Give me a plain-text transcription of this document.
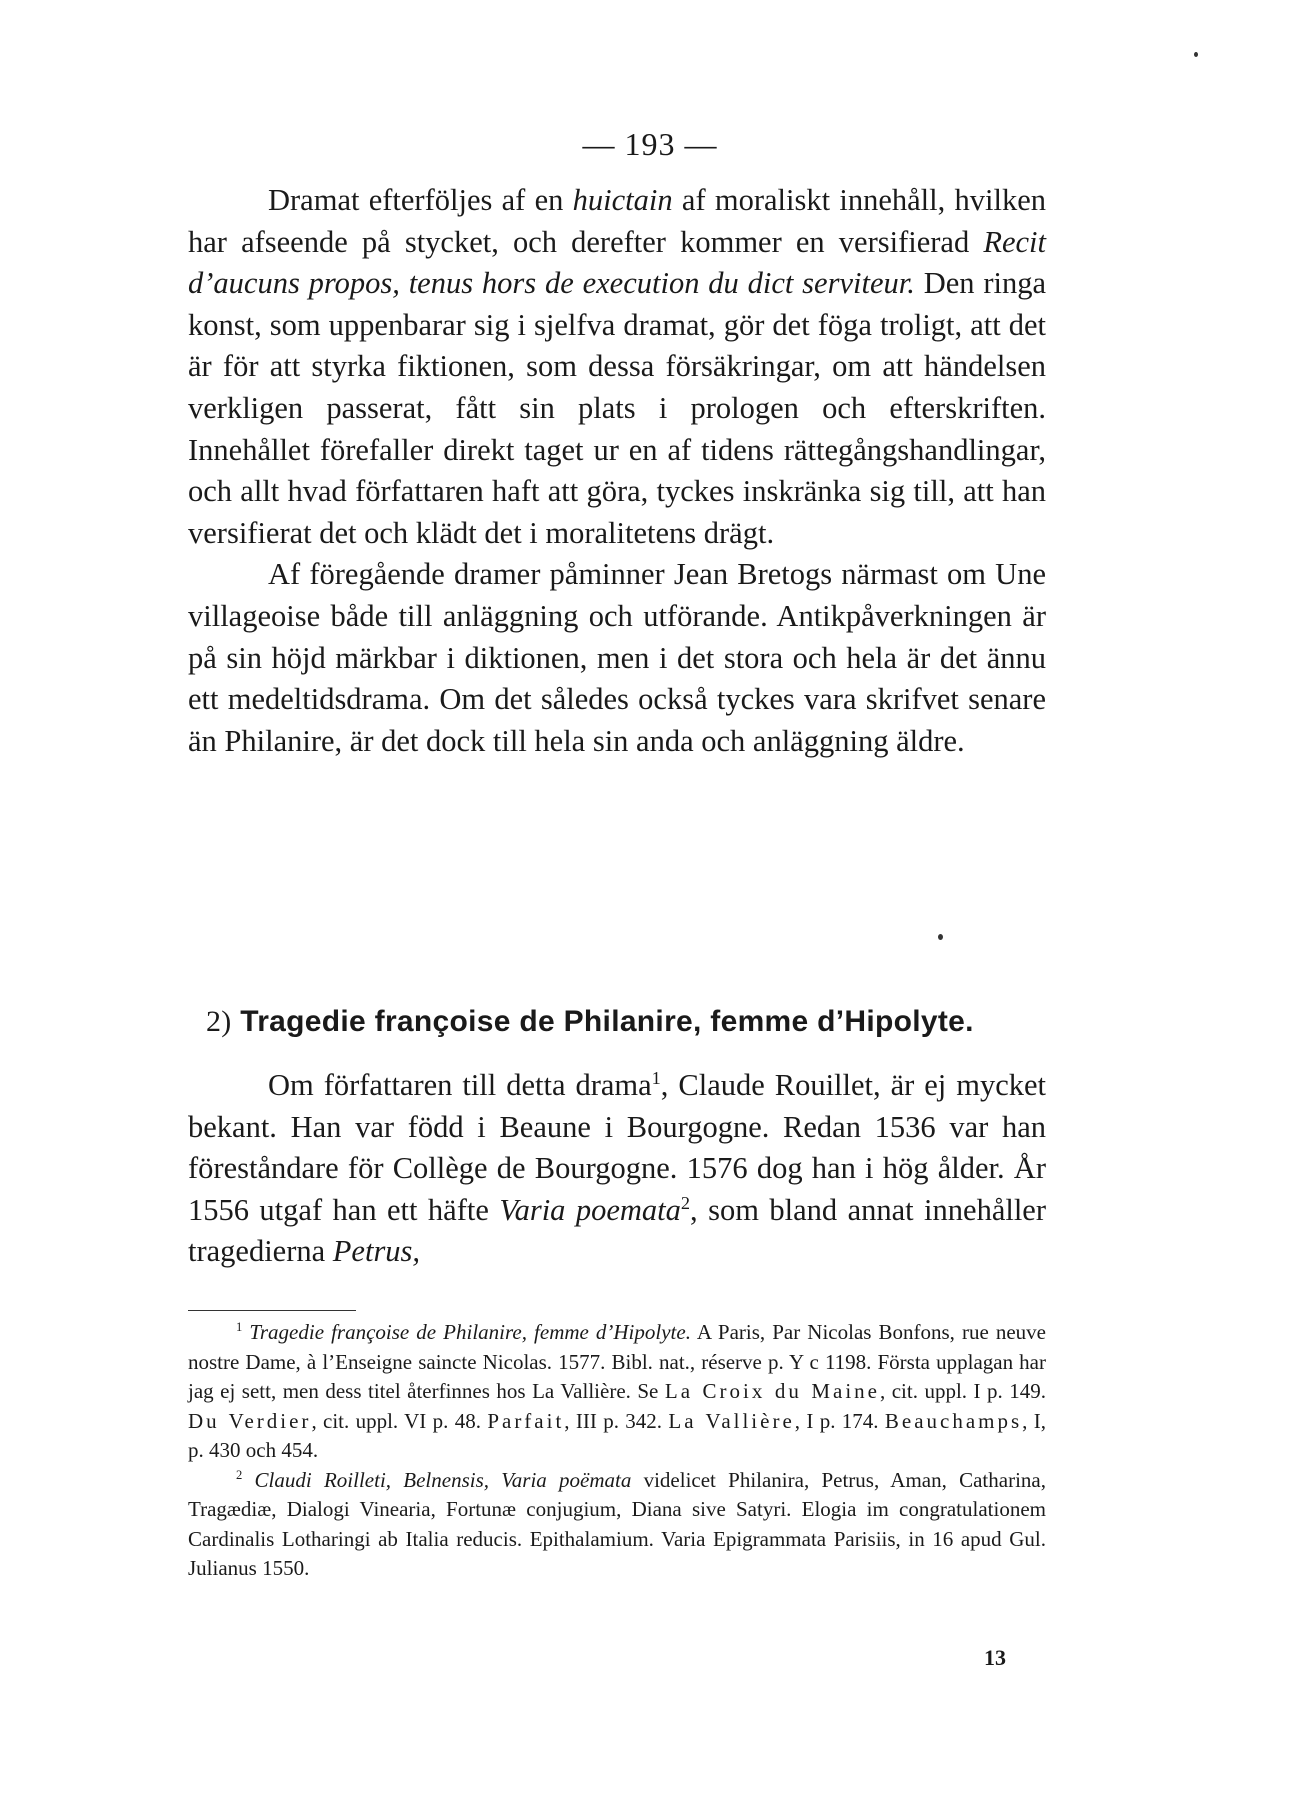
— 193 —

Dramat efterföljes af en huictain af moraliskt innehåll, hvilken har afseende på stycket, och derefter kommer en versifierad Recit d’aucuns propos, tenus hors de execution du dict serviteur. Den ringa konst, som uppenbarar sig i sjelfva dramat, gör det föga troligt, att det är för att styrka fiktionen, som dessa försäkringar, om att händelsen verkligen passerat, fått sin plats i prologen och efterskriften. Innehållet förefaller direkt taget ur en af tidens rättegångshandlingar, och allt hvad författaren haft att göra, tyckes inskränka sig till, att han versifierat det och klädt det i moralitetens drägt.

Af föregående dramer påminner Jean Bretogs närmast om Une villageoise både till anläggning och utförande. Antikpåverkningen är på sin höjd märkbar i diktionen, men i det stora och hela är det ännu ett medeltidsdrama. Om det således också tyckes vara skrifvet senare än Philanire, är det dock till hela sin anda och anläggning äldre.

2) Tragedie françoise de Philanire, femme d’Hipolyte.

Om författaren till detta drama$^1$, Claude Rouillet, är ej mycket bekant. Han var född i Beaune i Bourgogne. Redan 1536 var han föreståndare för Collège de Bourgogne. 1576 dog han i hög ålder. År 1556 utgaf han ett häfte Varia poemata$^2$, som bland annat innehåller tragedierna Petrus,

$^1$ Tragedie françoise de Philanire, femme d’Hipolyte. A Paris, Par Nicolas Bonfons, rue neuve nostre Dame, à l’Enseigne saincte Nicolas. 1577. Bibl. nat., réserve p. Y c 1198. Första upplagan har jag ej sett, men dess titel återfinnes hos La Vallière. Se La Croix du Maine, cit. uppl. I p. 149. Du Verdier, cit. uppl. VI p. 48. Parfait, III p. 342. La Vallière, I p. 174. Beauchamps, I, p. 430 och 454.

$^2$ Claudi Roilleti, Belnensis, Varia poëmata videlicet Philanira, Petrus, Aman, Catharina, Tragædiæ, Dialogi Vinearia, Fortunæ conjugium, Diana sive Satyri. Elogia im congratulationem Cardinalis Lotharingi ab Italia reducis. Epithalamium. Varia Epigrammata Parisiis, in 16 apud Gul. Julianus 1550.

13
